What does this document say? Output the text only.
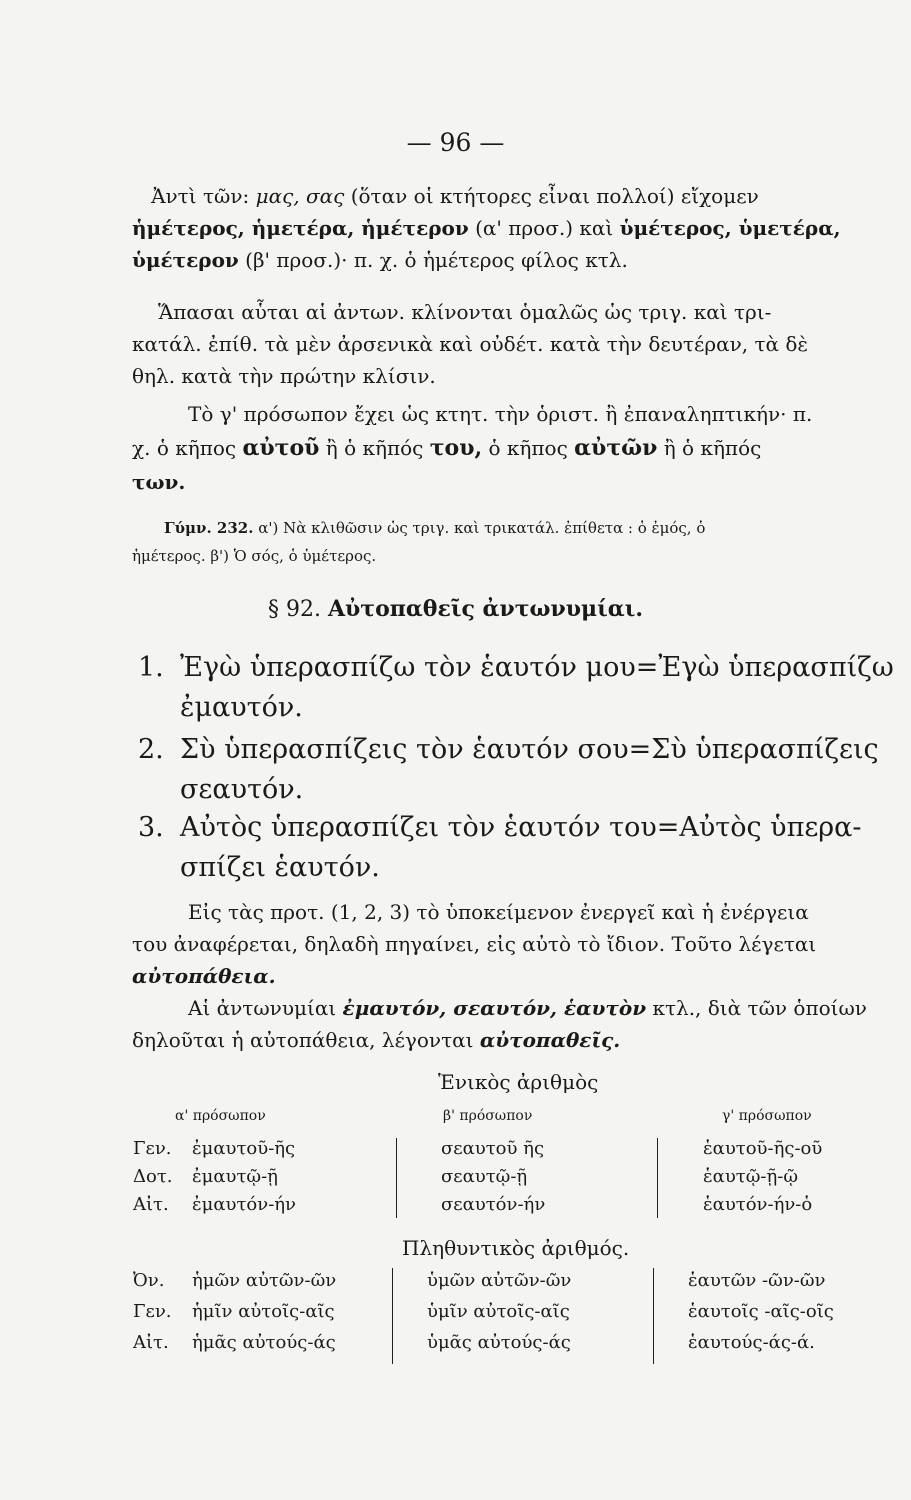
— 96 —
Ἀντὶ τῶν: μας, σας (ὅταν οἱ κτήτορες εἶναι πολλοί) εἴχομεν
ἡμέτερος, ἡμετέρα, ἡμέτερον (α' προσ.) καὶ ὑμέτερος, ὑμετέρα,
ὑμέτερον (β' προσ.)· π. χ. ὁ ἡμέτερος φίλος κτλ.
Ἅπασαι αὗται αἱ ἀντων. κλίνονται ὁμαλῶς ὡς τριγ. καὶ τρι-
κατάλ. ἐπίθ. τὰ μὲν ἀρσενικὰ καὶ οὐδέτ. κατὰ τὴν δευτέραν, τὰ δὲ
θηλ. κατὰ τὴν πρώτην κλίσιν.
Τὸ γ' πρόσωπον ἔχει ὡς κτητ. τὴν ὁριστ. ἢ ἐπαναληπτικήν· π.
χ. ὁ κῆπος αὐτοῦ ἢ ὁ κῆπός του, ὁ κῆπος αὐτῶν ἢ ὁ κῆπός
των.
Γύμν. 232. α') Νὰ κλιθῶσιν ὡς τριγ. καὶ τρικατάλ. ἐπίθετα : ὁ ἐμός, ὁ
ἡμέτερος. β') Ὁ σός, ὁ ὑμέτερος.
§ 92. Αὐτοπαθεῖς ἀντωνυμίαι.
1. Ἐγὼ ὑπερασπίζω τὸν ἑαυτόν μου=Ἐγὼ ὑπερασπίζω
ἐμαυτόν.
2. Σὺ ὑπερασπίζεις τὸν ἑαυτόν σου=Σὺ ὑπερασπίζεις
σεαυτόν.
3. Αὐτὸς ὑπερασπίζει τὸν ἑαυτόν του=Αὐτὸς ὑπερα-
σπίζει ἑαυτόν.
Εἰς τὰς προτ. (1, 2, 3) τὸ ὑποκείμενον ἐνεργεῖ καὶ ἡ ἐνέργεια
του ἀναφέρεται, δηλαδὴ πηγαίνει, εἰς αὐτὸ τὸ ἴδιον. Τοῦτο λέγεται
αὐτοπάθεια.
Αἱ ἀντωνυμίαι ἐμαυτόν, σεαυτόν, ἑαυτὸν κτλ., διὰ τῶν ὁποίων
δηλοῦται ἡ αὐτοπάθεια, λέγονται αὐτοπαθεῖς.
Ἑνικὸς ἀριθμὸς
α' πρόσωπον	β' πρόσωπον	γ' πρόσωπον
Γεν. ἐμαυτοῦ-ῆς	σεαυτοῦ ῆς	ἑαυτοῦ-ῆς-οῦ
Δοτ. ἐμαυτῷ-ῇ	σεαυτῷ-ῇ	ἑαυτῷ-ῇ-ῷ
Αἰτ. ἐμαυτόν-ήν	σεαυτόν-ήν	ἑαυτόν-ήν-ὁ
Πληθυντικὸς ἀριθμός.
Ὀν. ἡμῶν αὐτῶν-ῶν	ὑμῶν αὐτῶν-ῶν	ἑαυτῶν -ῶν-ῶν
Γεν. ἡμῖν αὐτοῖς-αῖς	ὑμῖν αὐτοῖς-αῖς	ἑαυτοῖς -αῖς-οῖς
Αἰτ. ἡμᾶς αὐτούς-άς	ὑμᾶς αὐτούς-άς	ἑαυτούς-άς-ά.
